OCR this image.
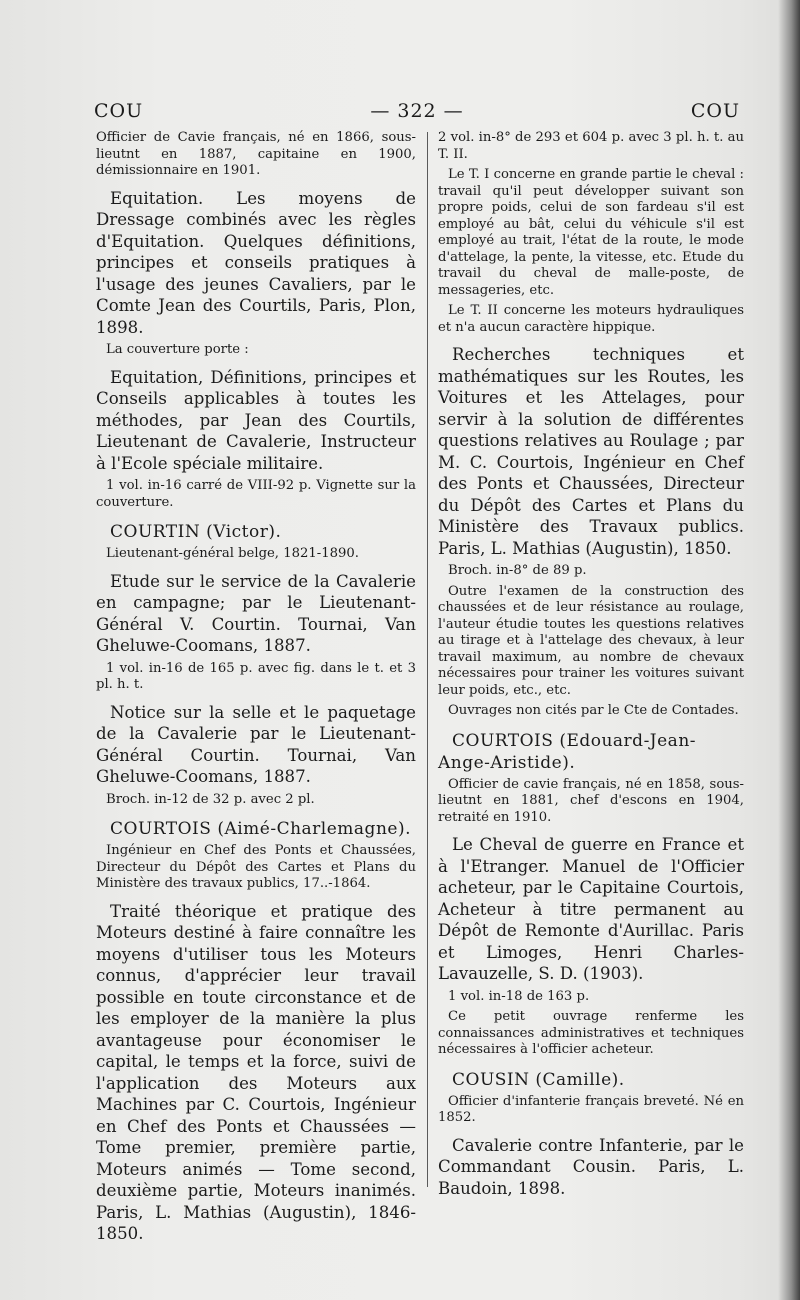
— 322 —
COU	COU

Officier de Cavie français, né en 1866, sous-lieutnt en 1887, capitaine en 1900, démissionnaire en 1901.

Equitation. Les moyens de Dressage combinés avec les règles d'Equitation. Quelques définitions, principes et conseils pratiques à l'usage des jeunes Cavaliers, par le Comte Jean des Courtils, Paris, Plon, 1898.

La couverture porte :

Equitation, Définitions, principes et Conseils applicables à toutes les méthodes, par Jean des Courtils, Lieutenant de Cavalerie, Instructeur à l'Ecole spéciale militaire.

1 vol. in-16 carré de VIII-92 p. Vignette sur la couverture.

COURTIN (Victor).

Lieutenant-général belge, 1821-1890.

Etude sur le service de la Cavalerie en campagne; par le Lieutenant-Général V. Courtin. Tournai, Van Gheluwe-Coomans, 1887.

1 vol. in-16 de 165 p. avec fig. dans le t. et 3 pl. h. t.

Notice sur la selle et le paquetage de la Cavalerie par le Lieutenant-Général Courtin. Tournai, Van Gheluwe-Coomans, 1887.

Broch. in-12 de 32 p. avec 2 pl.

COURTOIS (Aimé-Charlemagne).

Ingénieur en Chef des Ponts et Chaussées, Directeur du Dépôt des Cartes et Plans du Ministère des travaux publics, 17..-1864.

Traité théorique et pratique des Moteurs destiné à faire connaître les moyens d'utiliser tous les Moteurs connus, d'apprécier leur travail possible en toute circonstance et de les employer de la manière la plus avantageuse pour économiser le capital, le temps et la force, suivi de l'application des Moteurs aux Machines par C. Courtois, Ingénieur en Chef des Ponts et Chaussées — Tome premier, première partie, Moteurs animés — Tome second, deuxième partie, Moteurs inanimés. Paris, L. Mathias (Augustin), 1846-1850.

2 vol. in-8° de 293 et 604 p. avec 3 pl. h. t. au T. II.

Le T. I concerne en grande partie le cheval : travail qu'il peut développer suivant son propre poids, celui de son fardeau s'il est employé au bât, celui du véhicule s'il est employé au trait, l'état de la route, le mode d'attelage, la pente, la vitesse, etc. Etude du travail du cheval de malle-poste, de messageries, etc.

Le T. II concerne les moteurs hydrauliques et n'a aucun caractère hippique.

Recherches techniques et mathématiques sur les Routes, les Voitures et les Attelages, pour servir à la solution de différentes questions relatives au Roulage ; par M. C. Courtois, Ingénieur en Chef des Ponts et Chaussées, Directeur du Dépôt des Cartes et Plans du Ministère des Travaux publics. Paris, L. Mathias (Augustin), 1850.

Broch. in-8° de 89 p.

Outre l'examen de la construction des chaussées et de leur résistance au roulage, l'auteur étudie toutes les questions relatives au tirage et à l'attelage des chevaux, à leur travail maximum, au nombre de chevaux nécessaires pour trainer les voitures suivant leur poids, etc., etc.

Ouvrages non cités par le Cte de Contades.

COURTOIS (Edouard-Jean-Ange-Aristide).

Officier de cavie français, né en 1858, sous-lieutnt en 1881, chef d'escons en 1904, retraité en 1910.

Le Cheval de guerre en France et à l'Etranger. Manuel de l'Officier acheteur, par le Capitaine Courtois, Acheteur à titre permanent au Dépôt de Remonte d'Aurillac. Paris et Limoges, Henri Charles-Lavauzelle, S. D. (1903).

1 vol. in-18 de 163 p.

Ce petit ouvrage renferme les connaissances administratives et techniques nécessaires à l'officier acheteur.

COUSIN (Camille).

Officier d'infanterie français breveté. Né en 1852.

Cavalerie contre Infanterie, par le Commandant Cousin. Paris, L. Baudoin, 1898.
